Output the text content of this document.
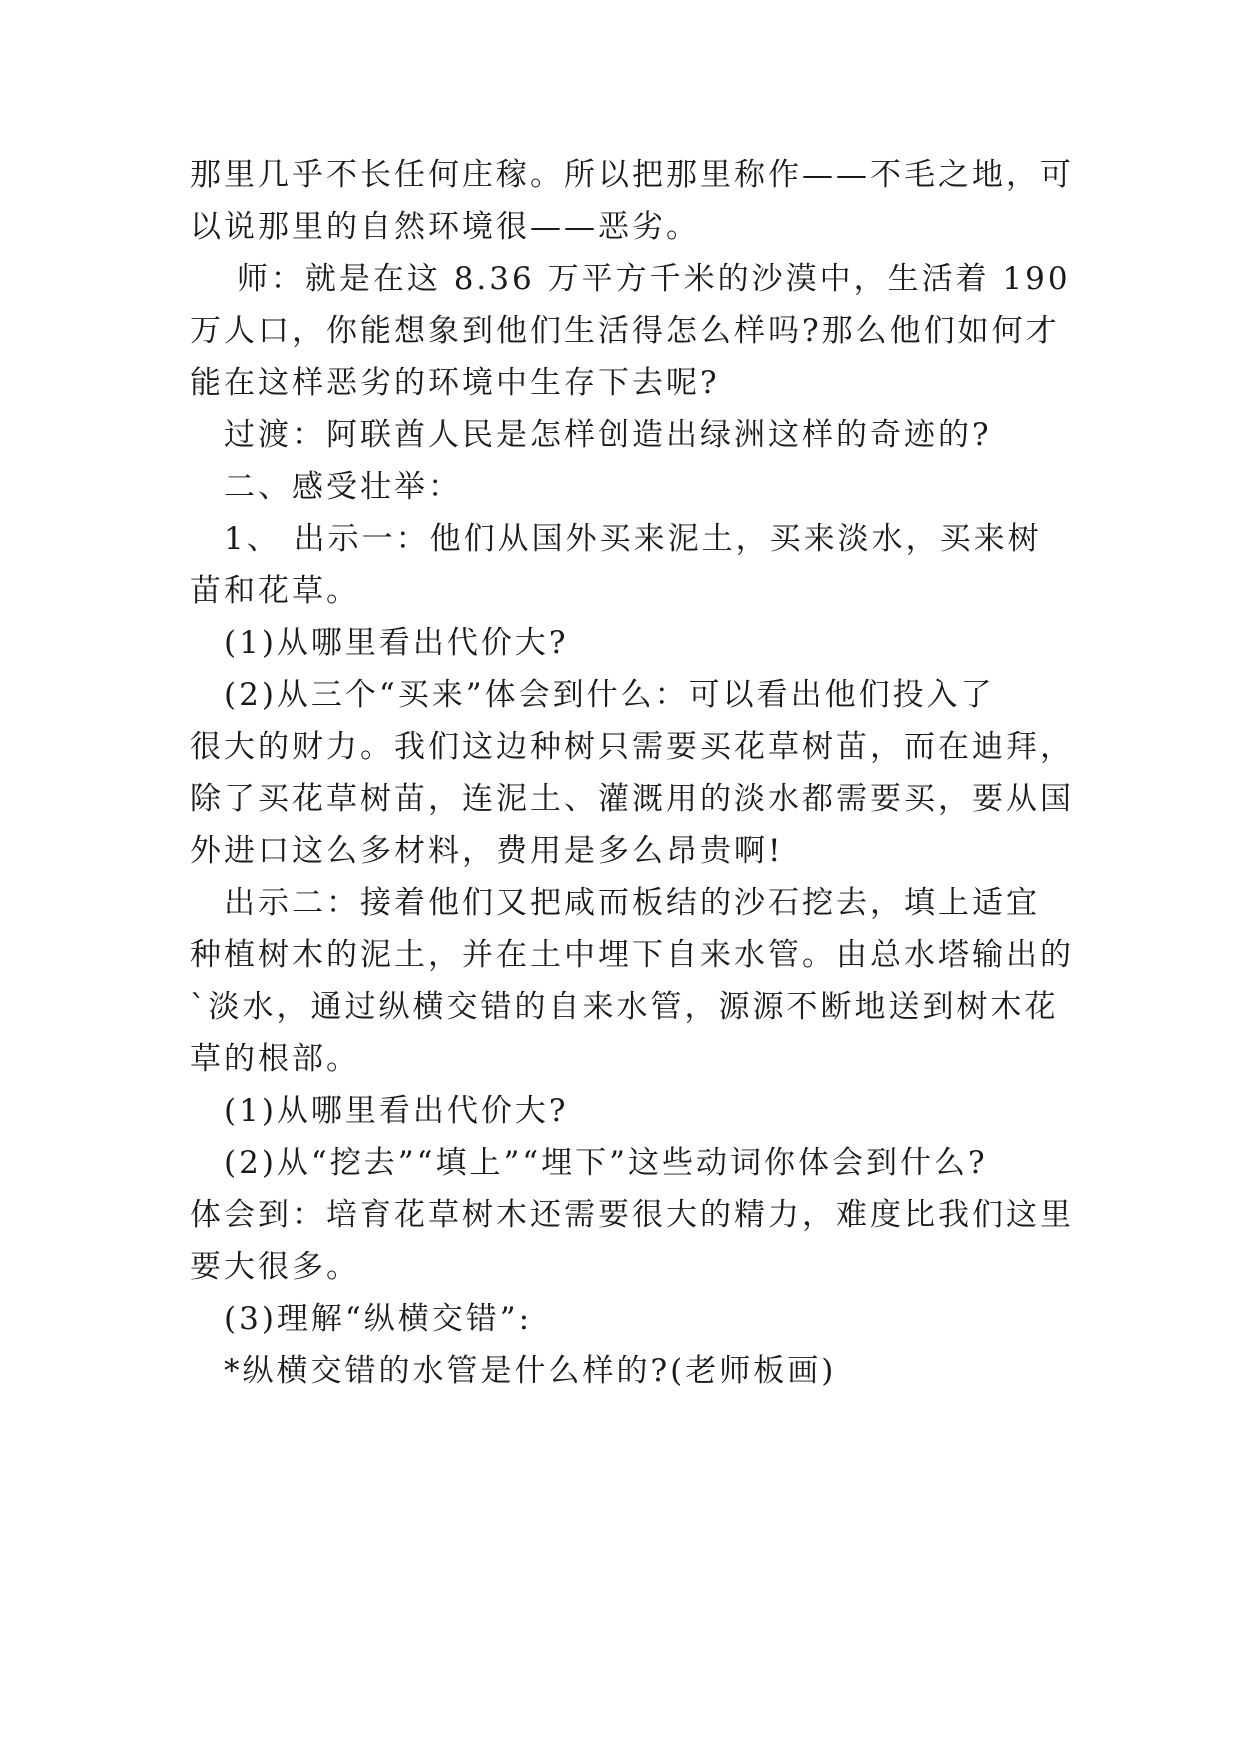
那里几乎不长任何庄稼。所以把那里称作——不毛之地，可
以说那里的自然环境很——恶劣。
　 师：就是在这 8.36 万平方千米的沙漠中，生活着 190
万人口，你能想象到他们生活得怎么样吗?那么他们如何才
能在这样恶劣的环境中生存下去呢?
　过渡：阿联酋人民是怎样创造出绿洲这样的奇迹的?
　二、感受壮举：
　1、 出示一：他们从国外买来泥土，买来淡水，买来树
苗和花草。
　(1)从哪里看出代价大?
　(2)从三个“买来”体会到什么：可以看出他们投入了
很大的财力。我们这边种树只需要买花草树苗，而在迪拜，
除了买花草树苗，连泥土、灌溉用的淡水都需要买，要从国
外进口这么多材料，费用是多么昂贵啊!
　出示二：接着他们又把咸而板结的沙石挖去，填上适宜
种植树木的泥土，并在土中埋下自来水管。由总水塔输出的
`淡水，通过纵横交错的自来水管，源源不断地送到树木花
草的根部。
　(1)从哪里看出代价大?
　(2)从“挖去”“填上”“埋下”这些动词你体会到什么?
体会到：培育花草树木还需要很大的精力，难度比我们这里
要大很多。
　(3)理解“纵横交错”:
　*纵横交错的水管是什么样的?(老师板画)
